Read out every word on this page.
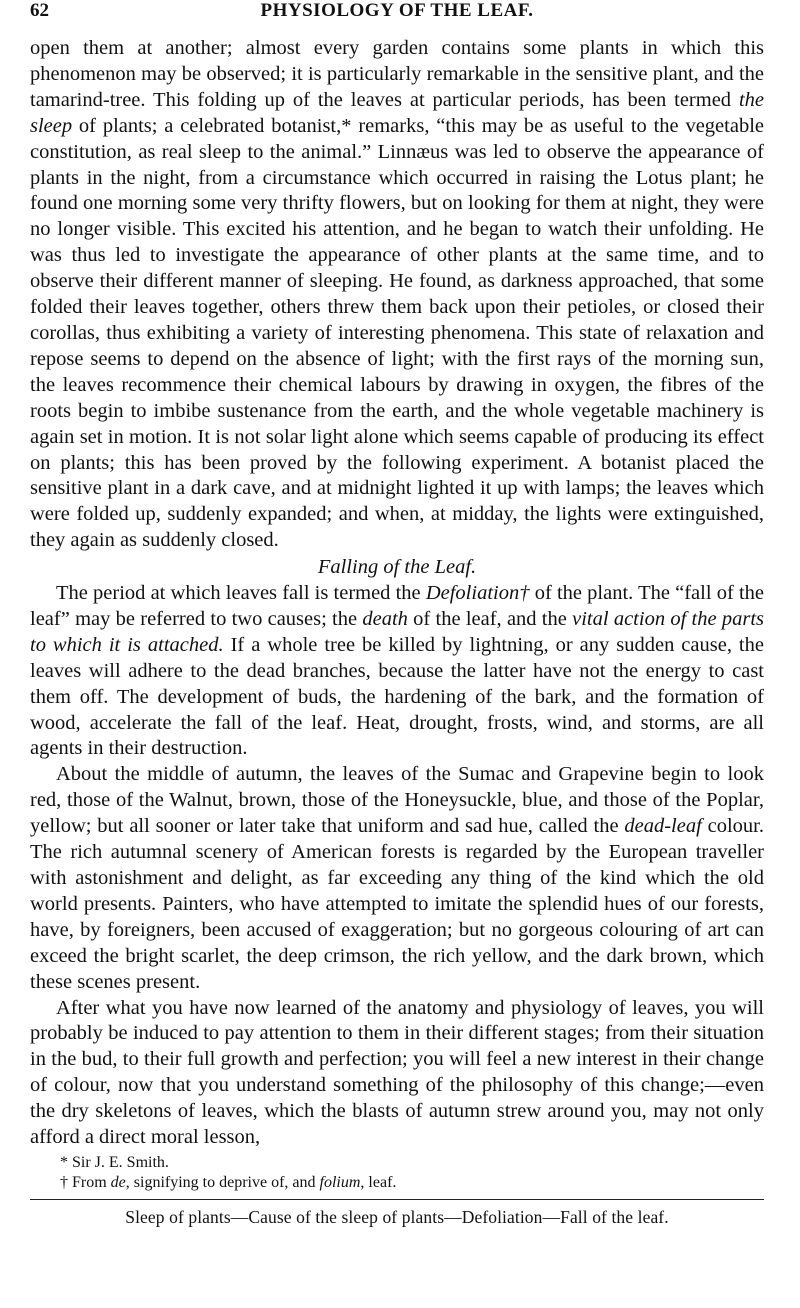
62	PHYSIOLOGY OF THE LEAF.

open them at another; almost every garden contains some plants in which this phenomenon may be observed; it is particularly remarkable in the sensitive plant, and the tamarind-tree. This folding up of the leaves at particular periods, has been termed the sleep of plants; a celebrated botanist,* remarks, “this may be as useful to the vegetable constitution, as real sleep to the animal.” Linnæus was led to observe the appearance of plants in the night, from a circumstance which occurred in raising the Lotus plant; he found one morning some very thrifty flowers, but on looking for them at night, they were no longer visible. This excited his attention, and he began to watch their unfolding. He was thus led to investigate the appearance of other plants at the same time, and to observe their different manner of sleeping. He found, as darkness approached, that some folded their leaves together, others threw them back upon their petioles, or closed their corollas, thus exhibiting a variety of interesting phenomena. This state of relaxation and repose seems to depend on the absence of light; with the first rays of the morning sun, the leaves recommence their chemical labours by drawing in oxygen, the fibres of the roots begin to imbibe sustenance from the earth, and the whole vegetable machinery is again set in motion. It is not solar light alone which seems capable of producing its effect on plants; this has been proved by the following experiment. A botanist placed the sensitive plant in a dark cave, and at midnight lighted it up with lamps; the leaves which were folded up, suddenly expanded; and when, at midday, the lights were extinguished, they again as suddenly closed.

Falling of the Leaf.

The period at which leaves fall is termed the Defoliation† of the plant. The “fall of the leaf” may be referred to two causes; the death of the leaf, and the vital action of the parts to which it is attached. If a whole tree be killed by lightning, or any sudden cause, the leaves will adhere to the dead branches, because the latter have not the energy to cast them off. The development of buds, the hardening of the bark, and the formation of wood, accelerate the fall of the leaf. Heat, drought, frosts, wind, and storms, are all agents in their destruction.

About the middle of autumn, the leaves of the Sumac and Grapevine begin to look red, those of the Walnut, brown, those of the Honeysuckle, blue, and those of the Poplar, yellow; but all sooner or later take that uniform and sad hue, called the dead-leaf colour. The rich autumnal scenery of American forests is regarded by the European traveller with astonishment and delight, as far exceeding any thing of the kind which the old world presents. Painters, who have attempted to imitate the splendid hues of our forests, have, by foreigners, been accused of exaggeration; but no gorgeous colouring of art can exceed the bright scarlet, the deep crimson, the rich yellow, and the dark brown, which these scenes present.

After what you have now learned of the anatomy and physiology of leaves, you will probably be induced to pay attention to them in their different stages; from their situation in the bud, to their full growth and perfection; you will feel a new interest in their change of colour, now that you understand something of the philosophy of this change;—even the dry skeletons of leaves, which the blasts of autumn strew around you, may not only afford a direct moral lesson,

* Sir J. E. Smith.
† From de, signifying to deprive of, and folium, leaf.
Sleep of plants—Cause of the sleep of plants—Defoliation—Fall of the leaf.
